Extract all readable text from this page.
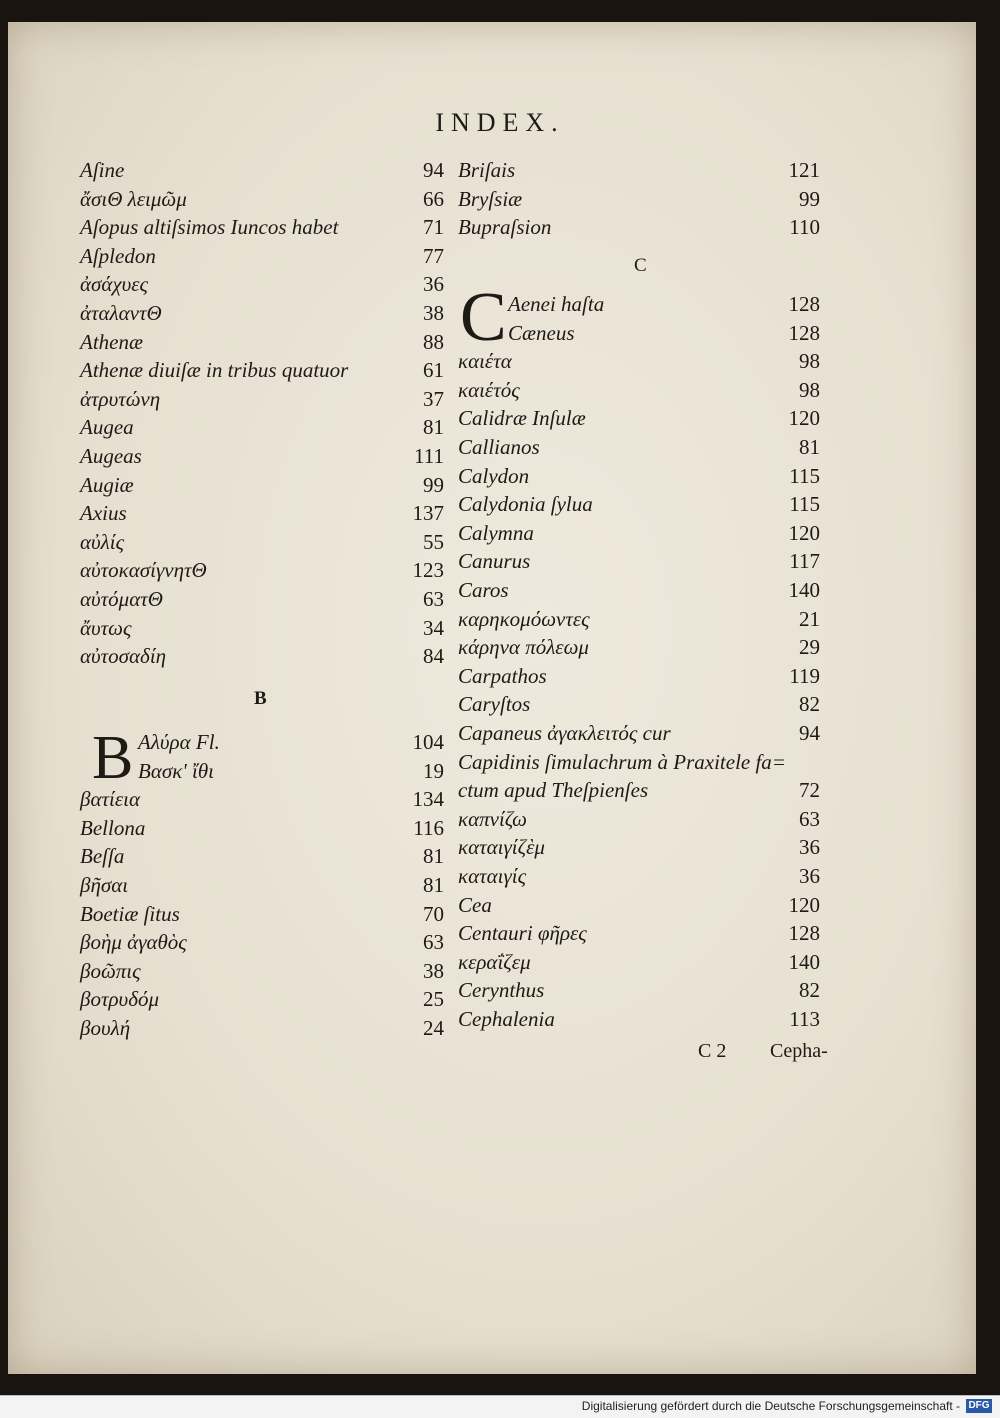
INDEX.
Aſine	94
ἄσιΘ λειμῶμ	66
Aſopus altiſsimos Iuncos habet	71
Aſpledon	77
ἀσάχυες	36
ἀταλαντΘ	38
Athenæ	88
Athenæ diuiſæ in tribus quatuor	61
ἀτρυτώνη	37
Augea	81
Augeas	111
Augiæ	99
Axius	137
αὐλίς	55
αὐτοκασίγνητΘ	123
αὐτόματΘ	63
ἄυτως	34
αὐτοσαδίη	84
B
B Αλύρα Fl.	104
Βασκ' ἴθι	19
βατίεια	134
Bellona	116
Beſſa	81
βῆσαι	81
Boetiæ ſitus	70
βοὴμ ἀγαθὸς	63
βοῶπις	38
βοτρυδόμ	25
βουλή	24
Briſais	121
Bryſsiæ	99
Bupraſsion	110
C
C Aenei haſta	128
Cæneus	128
καιέτα	98
καιέτός	98
Calidræ Inſulæ	120
Callianos	81
Calydon	115
Calydonia ſylua	115
Calymna	120
Canurus	117
Caros	140
καρηκομόωντες	21
κάρηνα πόλεωμ	29
Carpathos	119
Caryſtos	82
Capaneus ἀγακλειτός cur	94
Capidinis ſimulachrum à Praxitele fa=
ctum apud Theſpienſes	72
καπνίζω	63
καταιγίζὲμ	36
καταιγίς	36
Cea	120
Centauri φῆρες	128
κεραΐζεμ	140
Cerynthus	82
Cephalenia	113
C 2 Cepha-
Digitalisierung gefördert durch die Deutsche Forschungsgemeinschaft - DFG
